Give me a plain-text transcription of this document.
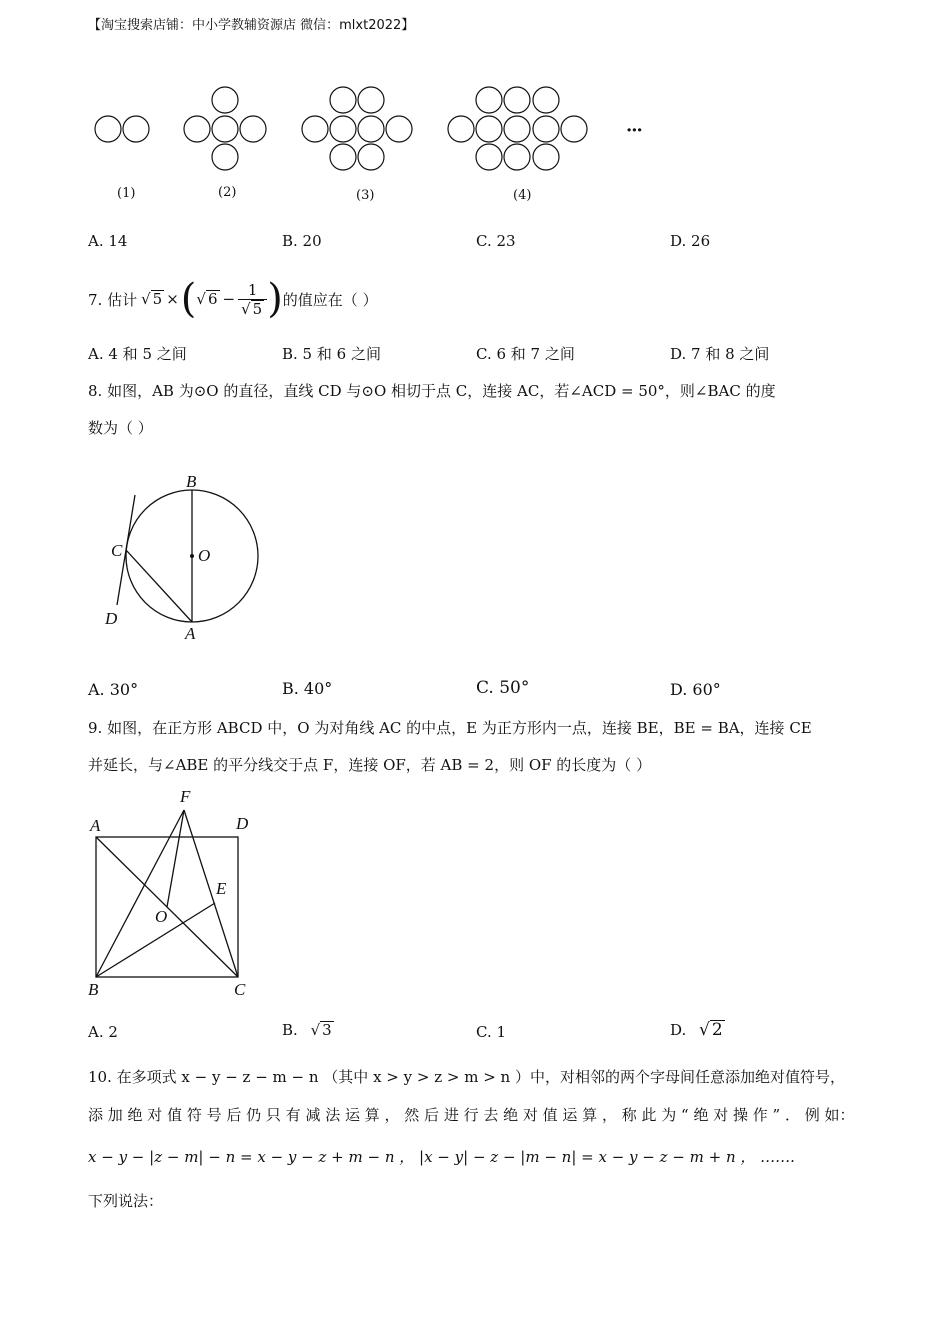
【淘宝搜索店铺：中小学教辅资源店 微信：mlxt2022】
(1)	(2)	(3)	(4)
···
A. 14	B. 20	C. 23	D. 26
7. 估计 √ 5 × ( √ $6 - \frac{1}{√ 5}$ ) 的值应在（ ）
A. 4 和 5 之间	B. 5 和 6 之间	C. 6 和 7 之间	D. 7 和 8 之间
8. 如图，AB 为⊙O 的直径，直线 CD 与⊙O 相切于点 C，连接 AC，若∠ACD = 50°，则∠BAC 的度
数为（ ）
B
C	O
D
A
A. 30°	B. 40°	C. 50°	D. 60°
9. 如图，在正方形 ABCD 中，O 为对角线 AC 的中点，E 为正方形内一点，连接 BE，BE = BA，连接 CE
并延长，与∠ABE 的平分线交于点 F，连接 OF，若 AB = 2，则 OF 的长度为（ ）
F
A	D
E
O
B	C
A. 2	B. √ 3	C. 1	D. √ 2
10. 在多项式 x − y − z − m − n （其中 x > y > z > m > n ）中，对相邻的两个字母间任意添加绝对值符号，
添 加 绝 对 值 符 号 后 仍 只 有 减 法 运 算 ， 然 后 进 行 去 绝 对 值 运 算 ， 称 此 为 “ 绝 对 操 作 ” ． 例 如：
x − y − |z − m| − n = x − y − z + m − n ， |x − y| − z − |m − n| = x − y − z − m + n ， …….
下列说法：
